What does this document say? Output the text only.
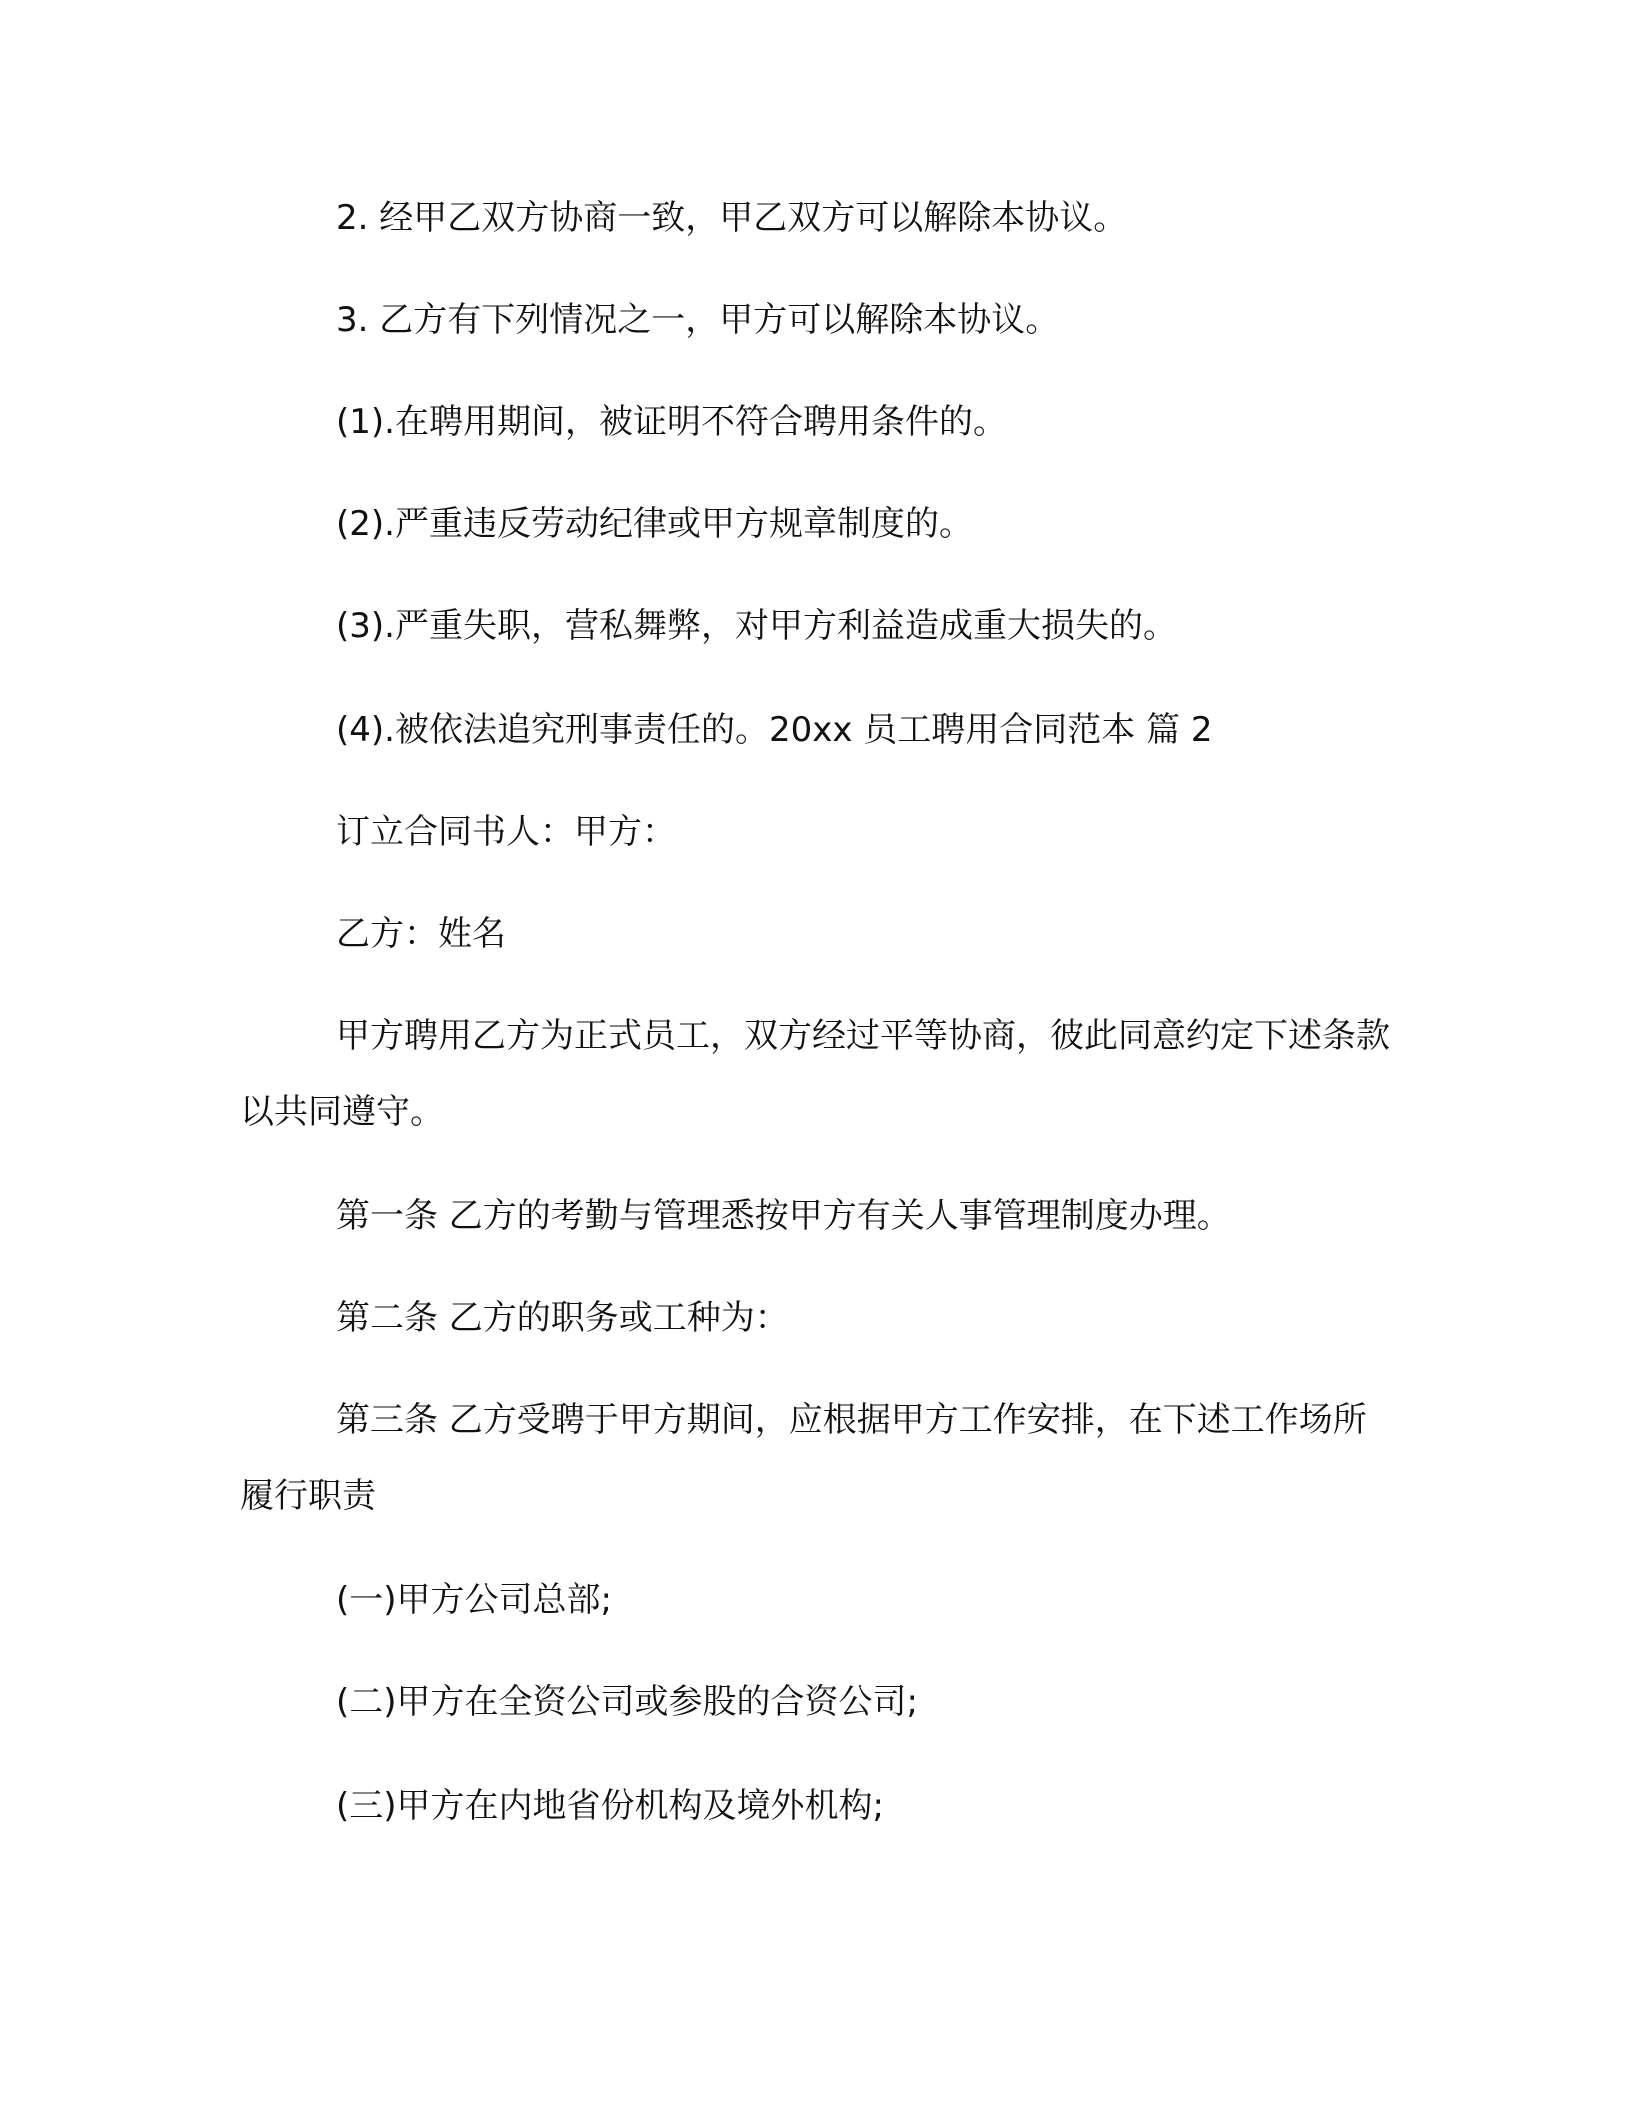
2. 经甲乙双方协商一致，甲乙双方可以解除本协议。

3. 乙方有下列情况之一，甲方可以解除本协议。

(1).在聘用期间，被证明不符合聘用条件的。

(2).严重违反劳动纪律或甲方规章制度的。

(3).严重失职，营私舞弊，对甲方利益造成重大损失的。

(4).被依法追究刑事责任的。20xx 员工聘用合同范本 篇 2

订立合同书人：甲方：

乙方：姓名

甲方聘用乙方为正式员工，双方经过平等协商，彼此同意约定下述条款以共同遵守。

第一条 乙方的考勤与管理悉按甲方有关人事管理制度办理。

第二条 乙方的职务或工种为：

第三条 乙方受聘于甲方期间，应根据甲方工作安排，在下述工作场所履行职责

(一)甲方公司总部;

(二)甲方在全资公司或参股的合资公司;

(三)甲方在内地省份机构及境外机构;
